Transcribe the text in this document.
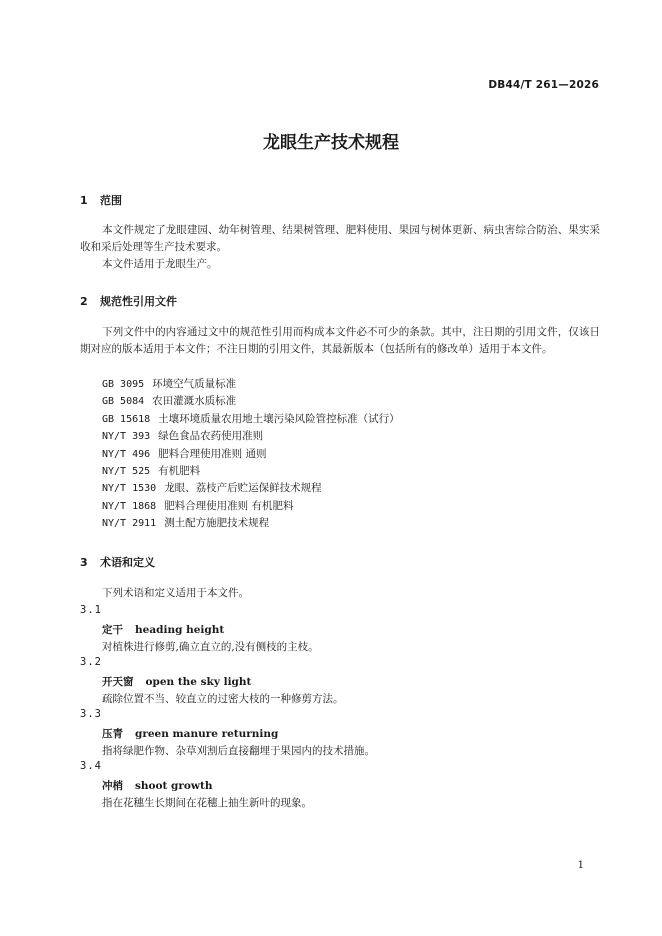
DB44/T 261—2026
龙眼生产技术规程
1 范围
本文件规定了龙眼建园、幼年树管理、结果树管理、肥料使用、果园与树体更新、病虫害综合防治、果实采收和采后处理等生产技术要求。
本文件适用于龙眼生产。
2 规范性引用文件
下列文件中的内容通过文中的规范性引用而构成本文件必不可少的条款。其中，注日期的引用文件，仅该日期对应的版本适用于本文件；不注日期的引用文件，其最新版本（包括所有的修改单）适用于本文件。
GB 3095 环境空气质量标准
GB 5084 农田灌溉水质标准
GB 15618 土壤环境质量农用地土壤污染风险管控标准（试行）
NY/T 393 绿色食品农药使用准则
NY/T 496 肥料合理使用准则 通则
NY/T 525 有机肥料
NY/T 1530 龙眼、荔枝产后贮运保鲜技术规程
NY/T 1868 肥料合理使用准则 有机肥料
NY/T 2911 测土配方施肥技术规程
3 术语和定义
下列术语和定义适用于本文件。
3.1
定干 heading height
对植株进行修剪,确立直立的,没有侧枝的主枝。
3.2
开天窗 open the sky light
疏除位置不当、较直立的过密大枝的一种修剪方法。
3.3
压青 green manure returning
指将绿肥作物、杂草刈割后直接翻埋于果园内的技术措施。
3.4
冲梢 shoot growth
指在花穗生长期间在花穗上抽生新叶的现象。
1
